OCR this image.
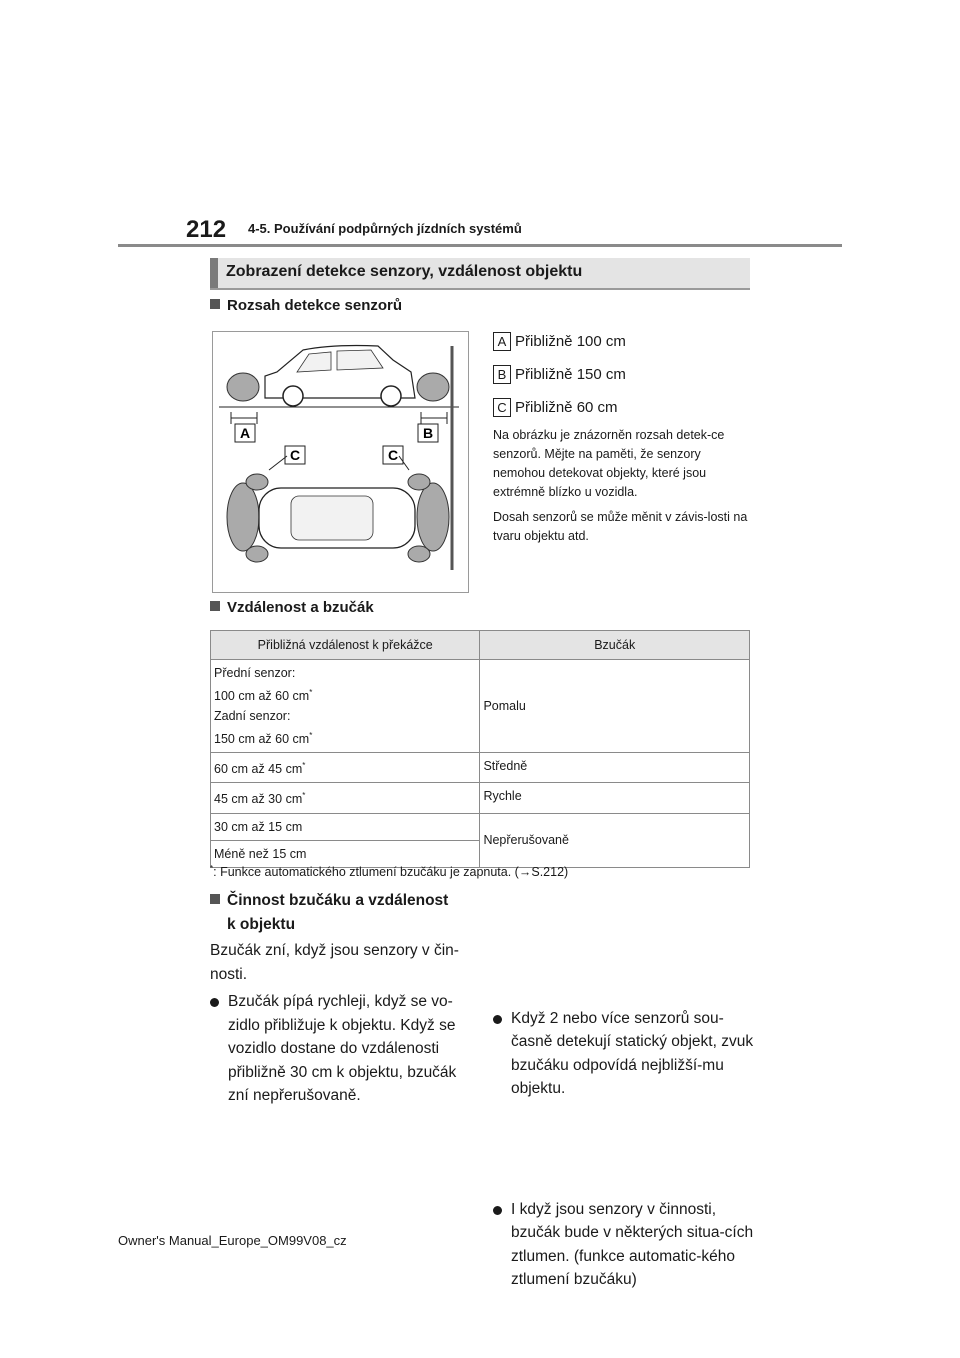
212 4-5. Používání podpůrných jízdních systémů
Zobrazení detekce senzory, vzdálenost objektu
Rozsah detekce senzorů
A	B
C	C
A Přibližně 100 cm
B Přibližně 150 cm
C Přibližně 60 cm

Na obrázku je znázorněn rozsah detek-ce senzorů. Mějte na paměti, že senzory nemohou detekovat objekty, které jsou extrémně blízko u vozidla.

Dosah senzorů se může měnit v závis-losti na tvaru objektu atd.

Vzdálenost a bzučák
Přibližná vzdálenost k překážce	Bzučák

Přední senzor:
100 cm až 60 cm*
Zadní senzor:
150 cm až 60 cm*	Pomalu
60 cm až 45 cm*	Středně
45 cm až 30 cm*	Rychle
30 cm až 15 cm	Nepřerušovaně
Méně než 15 cm	
*: Funkce automatického ztlumení bzučáku je zapnuta. (→S.212)
Činnost bzučáku a vzdálenost
k objektu
Bzučák zní, když jsou senzory v čin-nosti.
Bzučák pípá rychleji, když se vo-zidlo přibližuje k objektu. Když se vozidlo dostane do vzdálenosti přibližně 30 cm k objektu, bzučák zní nepřerušovaně.
Když 2 nebo více senzorů sou-časně detekují statický objekt, zvuk bzučáku odpovídá nejbližší-mu objektu.
I když jsou senzory v činnosti, bzučák bude v některých situa-cích ztlumen. (funkce automatic-kého ztlumení bzučáku)
Owner's Manual_Europe_OM99V08_cz
